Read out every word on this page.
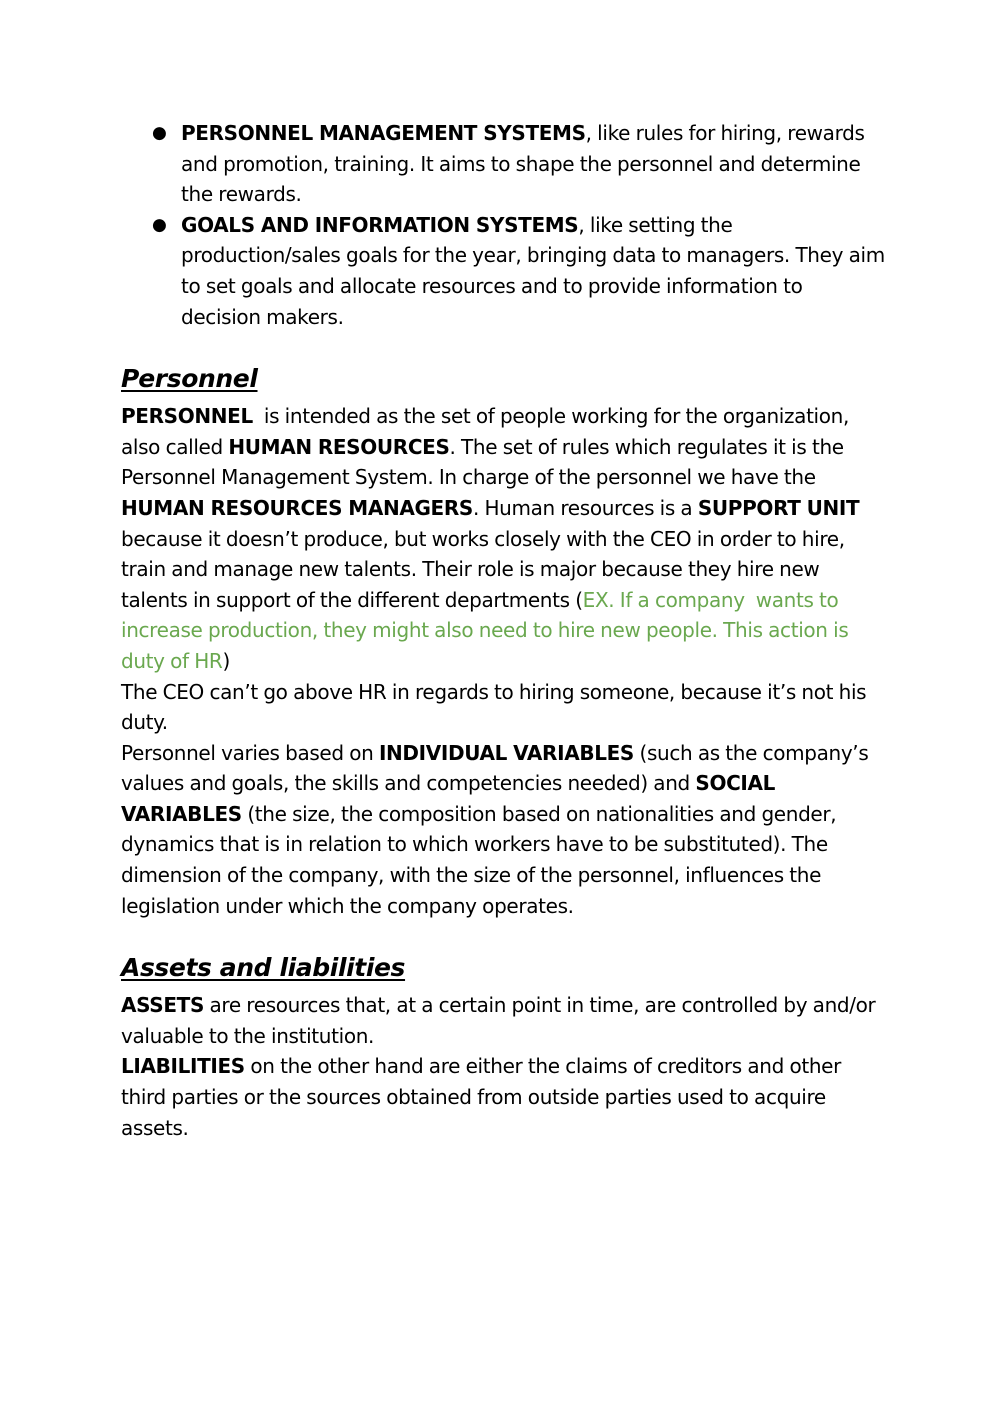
● PERSONNEL MANAGEMENT SYSTEMS, like rules for hiring, rewards and promotion, training. It aims to shape the personnel and determine the rewards.
● GOALS AND INFORMATION SYSTEMS, like setting the production/sales goals for the year, bringing data to managers. They aim to set goals and allocate resources and to provide information to decision makers.
Personnel

PERSONNEL  is intended as the set of people working for the organization, also called HUMAN RESOURCES. The set of rules which regulates it is the Personnel Management System. In charge of the personnel we have the HUMAN RESOURCES MANAGERS. Human resources is a SUPPORT UNIT because it doesn’t produce, but works closely with the CEO in order to hire, train and manage new talents. Their role is major because they hire new talents in support of the different departments (EX. If a company  wants to increase production, they might also need to hire new people. This action is duty of HR)

The CEO can’t go above HR in regards to hiring someone, because it’s not his duty.

Personnel varies based on INDIVIDUAL VARIABLES (such as the company’s values and goals, the skills and competencies needed) and SOCIAL VARIABLES (the size, the composition based on nationalities and gender, dynamics that is in relation to which workers have to be substituted). The dimension of the company, with the size of the personnel, influences the legislation under which the company operates.

Assets and liabilities

ASSETS are resources that, at a certain point in time, are controlled by and/or valuable to the institution.

LIABILITIES on the other hand are either the claims of creditors and other third parties or the sources obtained from outside parties used to acquire assets.
